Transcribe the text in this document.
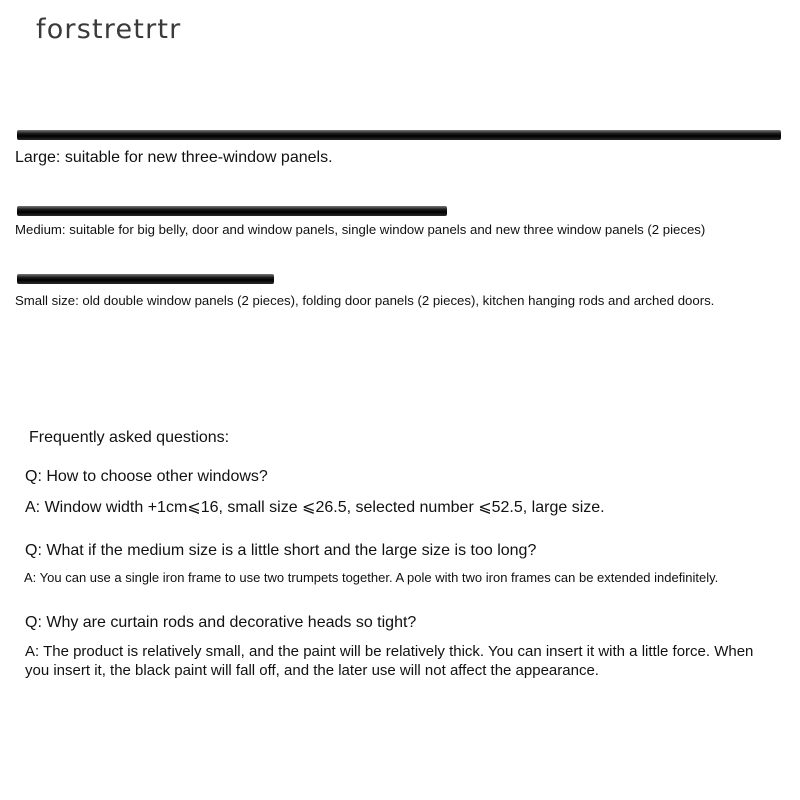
forstretrtr
Large: suitable for new three-window panels.
Medium: suitable for big belly, door and window panels, single window panels and new three window panels (2 pieces)
Small size: old double window panels (2 pieces), folding door panels (2 pieces), kitchen hanging rods and arched doors.
Frequently asked questions:
Q: How to choose other windows?
A: Window width +1cm⩽16, small size ⩽26.5, selected number ⩽52.5, large size.
Q: What if the medium size is a little short and the large size is too long?
A: You can use a single iron frame to use two trumpets together. A pole with two iron frames can be extended indefinitely.
Q: Why are curtain rods and decorative heads so tight?
A: The product is relatively small, and the paint will be relatively thick. You can insert it with a little force. When you insert it, the black paint will fall off, and the later use will not affect the appearance.
